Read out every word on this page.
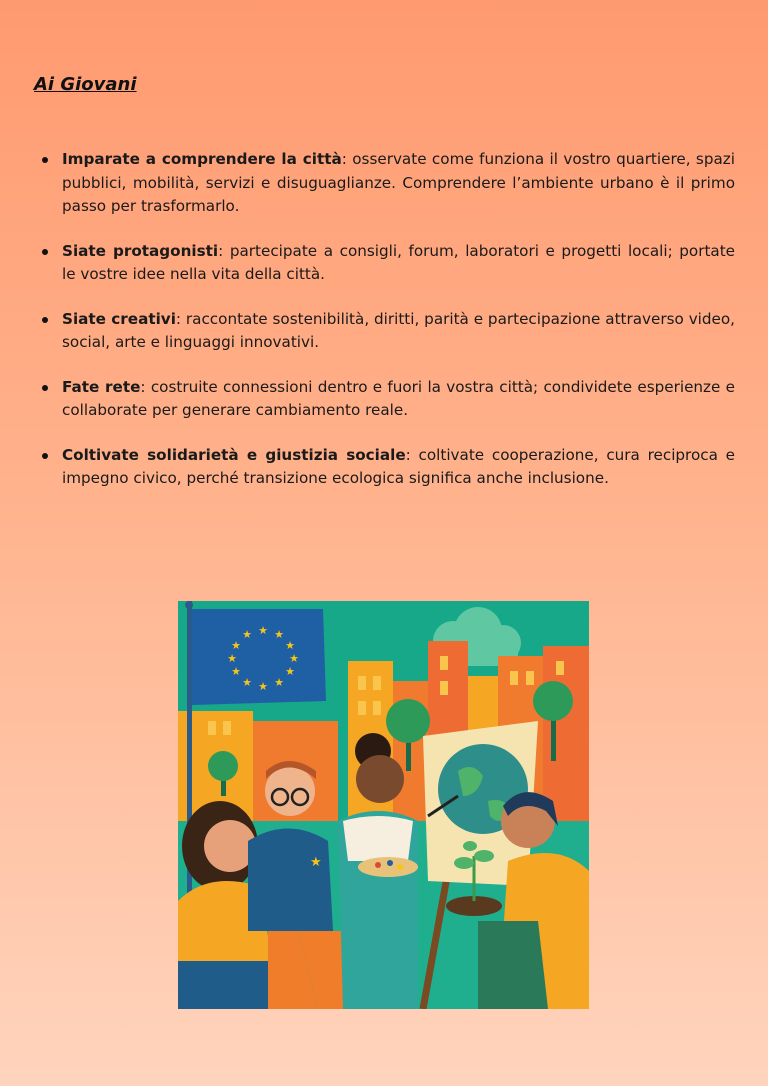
Ai Giovani
Imparate a comprendere la città: osservate come funziona il vostro quartiere, spazi pubblici, mobilità, servizi e disuguaglianze. Comprendere l’ambiente urbano è il primo passo per trasformarlo.
Siate protagonisti: partecipate a consigli, forum, laboratori e progetti locali; portate le vostre idee nella vita della città.
Siate creativi: raccontate sostenibilità, diritti, parità e partecipazione attraverso video, social, arte e linguaggi innovativi.
Fate rete: costruite connessioni dentro e fuori la vostra città; condividete esperienze e collaborate per generare cambiamento reale.
Coltivate solidarietà e giustizia sociale: coltivate cooperazione, cura reciproca e impegno civico, perché transizione ecologica significa anche inclusione.
★ ★
★
★
★
★
★
★
★
★
★
★
★
